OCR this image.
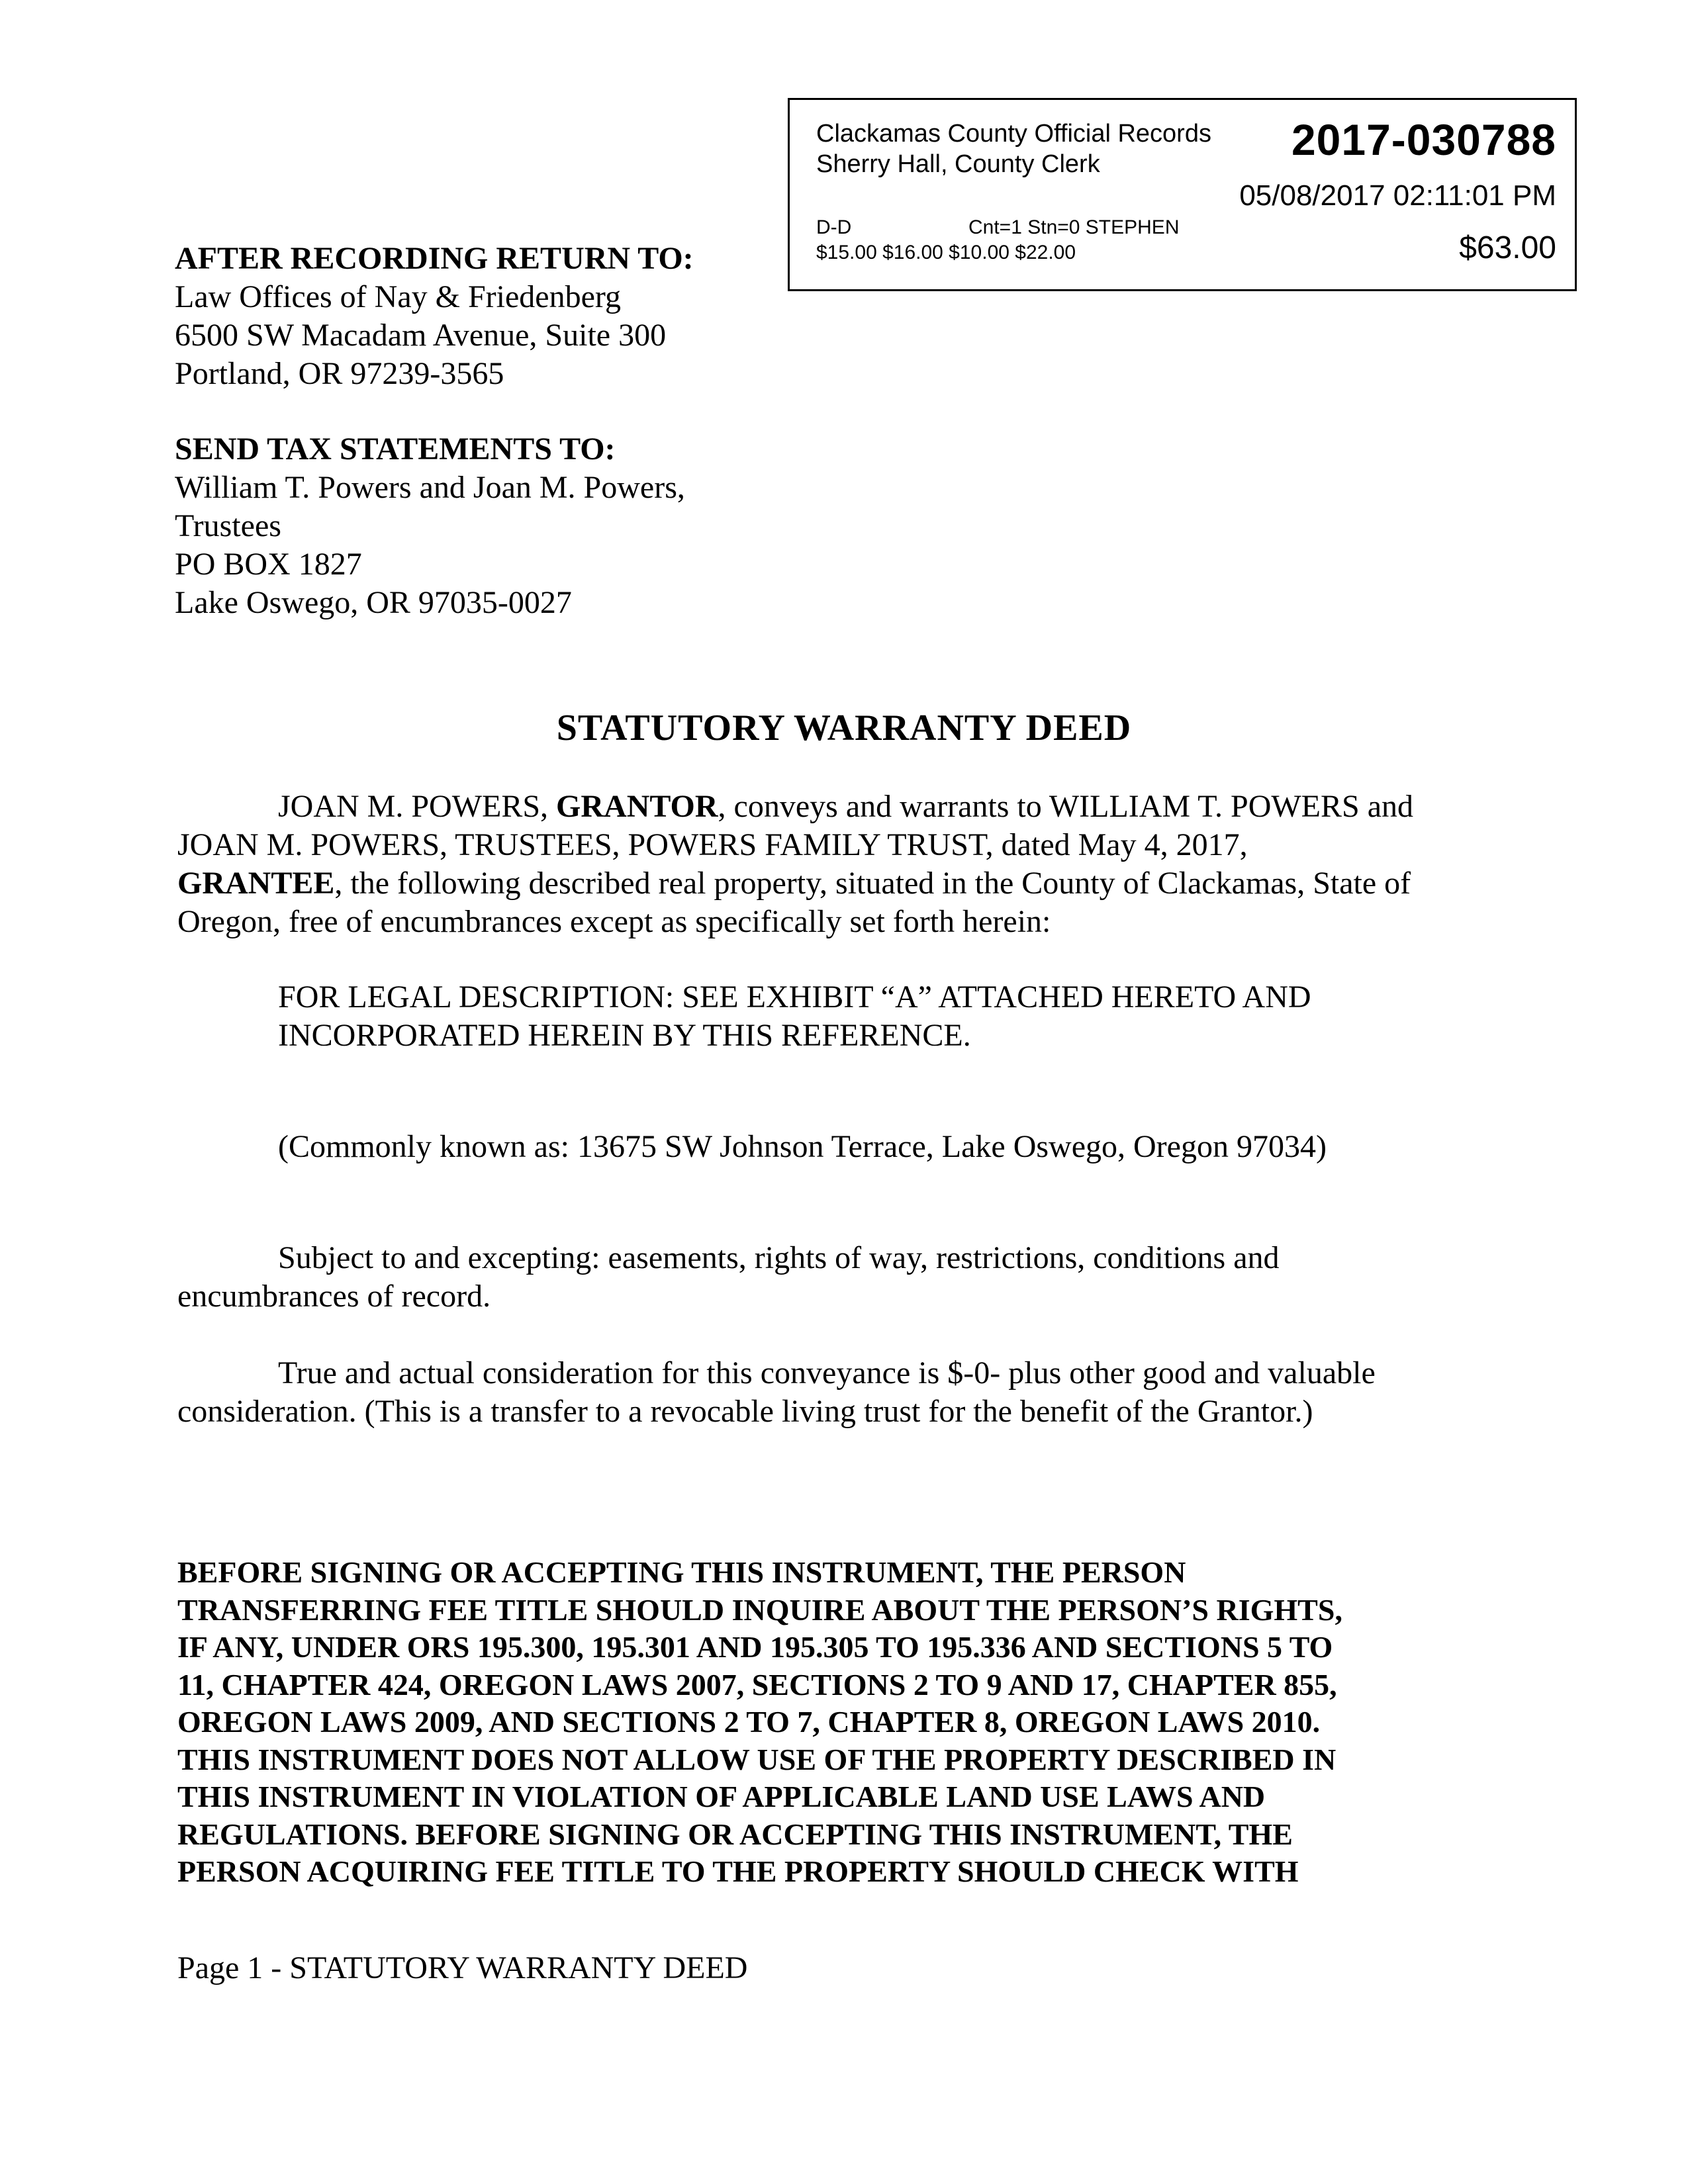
Clackamas County Official Records
Sherry Hall, County Clerk	2017-030788
05/08/2017 02:11:01 PM
D-D	Cnt=1 Stn=0 STEPHEN
$15.00 $16.00 $10.00 $22.00	$63.00
AFTER RECORDING RETURN TO:
Law Offices of Nay & Friedenberg
6500 SW Macadam Avenue, Suite 300
Portland, OR 97239-3565
SEND TAX STATEMENTS TO:
William T. Powers and Joan M. Powers,
Trustees
PO BOX 1827
Lake Oswego, OR 97035-0027
STATUTORY WARRANTY DEED
JOAN M. POWERS, GRANTOR, conveys and warrants to WILLIAM T. POWERS and
JOAN M. POWERS, TRUSTEES, POWERS FAMILY TRUST, dated May 4, 2017,
GRANTEE, the following described real property, situated in the County of Clackamas, State of
Oregon, free of encumbrances except as specifically set forth herein:
FOR LEGAL DESCRIPTION: SEE EXHIBIT “A” ATTACHED HERETO AND
INCORPORATED HEREIN BY THIS REFERENCE.
(Commonly known as: 13675 SW Johnson Terrace, Lake Oswego, Oregon 97034)
Subject to and excepting: easements, rights of way, restrictions, conditions and
encumbrances of record.
True and actual consideration for this conveyance is $-0- plus other good and valuable
consideration. (This is a transfer to a revocable living trust for the benefit of the Grantor.)
BEFORE SIGNING OR ACCEPTING THIS INSTRUMENT, THE PERSON
TRANSFERRING FEE TITLE SHOULD INQUIRE ABOUT THE PERSON’S RIGHTS,
IF ANY, UNDER ORS 195.300, 195.301 AND 195.305 TO 195.336 AND SECTIONS 5 TO
11, CHAPTER 424, OREGON LAWS 2007, SECTIONS 2 TO 9 AND 17, CHAPTER 855,
OREGON LAWS 2009, AND SECTIONS 2 TO 7, CHAPTER 8, OREGON LAWS 2010.
THIS INSTRUMENT DOES NOT ALLOW USE OF THE PROPERTY DESCRIBED IN
THIS INSTRUMENT IN VIOLATION OF APPLICABLE LAND USE LAWS AND
REGULATIONS. BEFORE SIGNING OR ACCEPTING THIS INSTRUMENT, THE
PERSON ACQUIRING FEE TITLE TO THE PROPERTY SHOULD CHECK WITH
Page 1 - STATUTORY WARRANTY DEED
